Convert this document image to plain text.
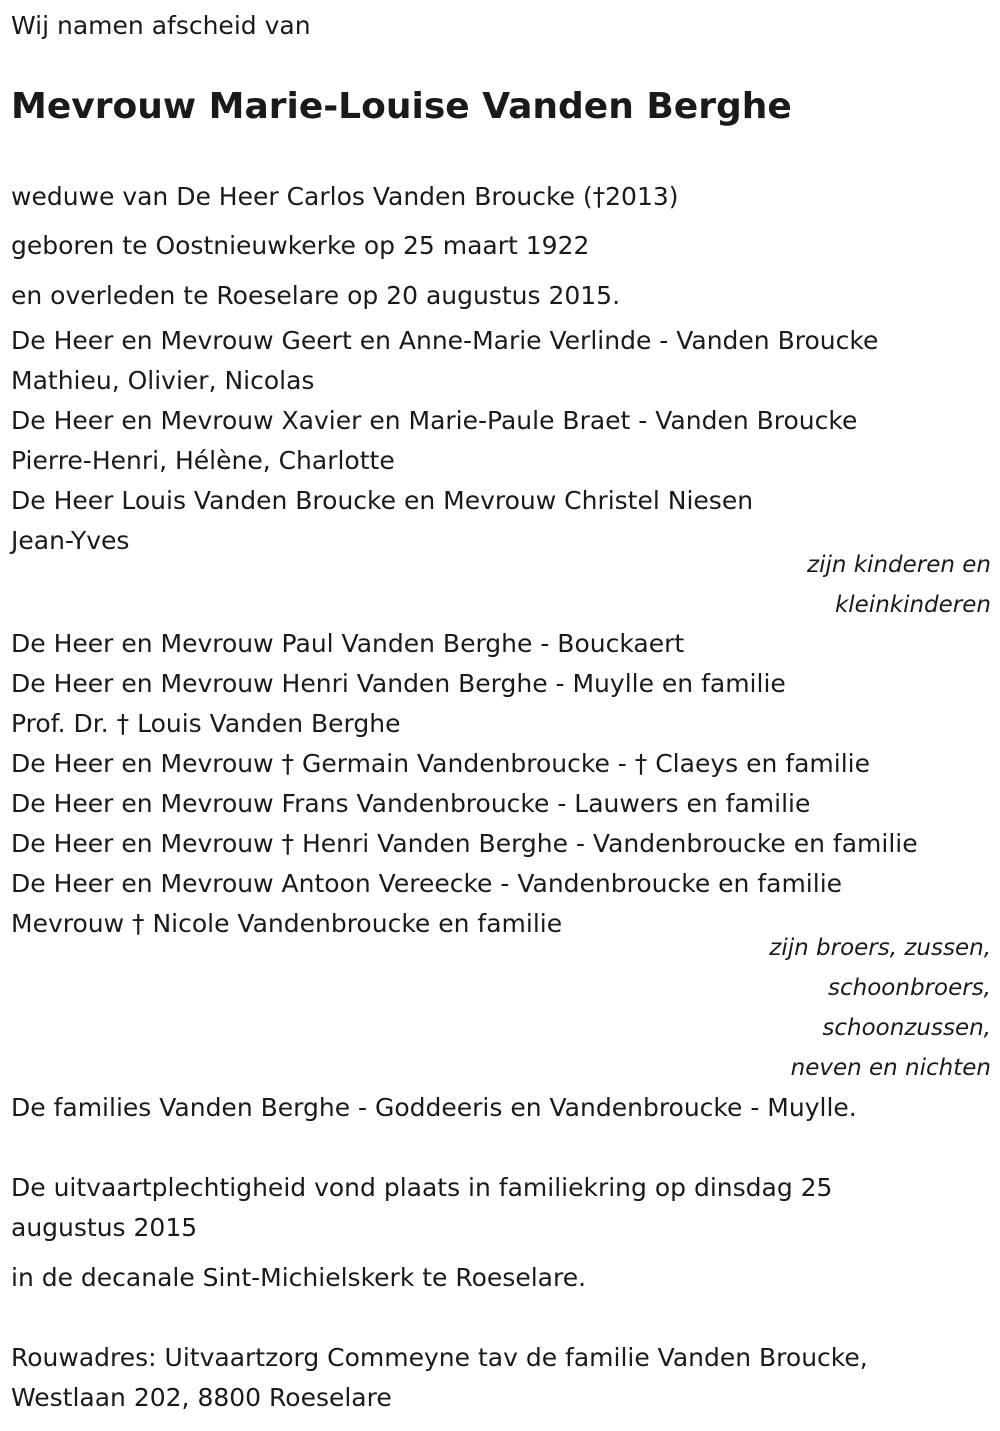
Wij namen afscheid van
Mevrouw Marie-Louise Vanden Berghe

weduwe van De Heer Carlos Vanden Broucke (†2013)

geboren te Oostnieuwkerke op 25 maart 1922

en overleden te Roeselare op 20 augustus 2015.

De Heer en Mevrouw Geert en Anne-Marie Verlinde - Vanden Broucke

Mathieu, Olivier, Nicolas

De Heer en Mevrouw Xavier en Marie-Paule Braet - Vanden Broucke

Pierre-Henri, Hélène, Charlotte

De Heer Louis Vanden Broucke en Mevrouw Christel Niesen

Jean-Yves

zijn kinderen en
kleinkinderen

De Heer en Mevrouw Paul Vanden Berghe - Bouckaert

De Heer en Mevrouw Henri Vanden Berghe - Muylle en familie

Prof. Dr. † Louis Vanden Berghe

De Heer en Mevrouw † Germain Vandenbroucke - † Claeys en familie

De Heer en Mevrouw Frans Vandenbroucke - Lauwers en familie

De Heer en Mevrouw † Henri Vanden Berghe - Vandenbroucke en familie

De Heer en Mevrouw Antoon Vereecke - Vandenbroucke en familie

Mevrouw † Nicole Vandenbroucke en familie

zijn broers, zussen,
schoonbroers,
schoonzussen,
neven en nichten

De families Vanden Berghe - Goddeeris en Vandenbroucke - Muylle.

De uitvaartplechtigheid vond plaats in familiekring op dinsdag 25

augustus 2015

in de decanale Sint-Michielskerk te Roeselare.

Rouwadres: Uitvaartzorg Commeyne tav de familie Vanden Broucke,

Westlaan 202, 8800 Roeselare
